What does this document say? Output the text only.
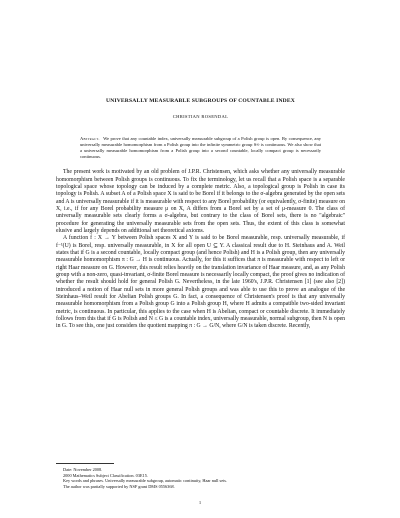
UNIVERSALLY MEASURABLE SUBGROUPS OF COUNTABLE INDEX
CHRISTIAN ROSENDAL
Abstract. We prove that any countable index, universally measurable subgroup of a Polish group is open. By consequence, any universally measurable homomorphism from a Polish group into the infinite symmetric group S∞ is continuous. We also show that a universally measurable homomorphism from a Polish group into a second countable, locally compact group is necessarily continuous.

The present work is motivated by an old problem of J.P.R. Christensen, which asks whether any universally measurable homomorphism between Polish groups is continuous. To fix the terminology, let us recall that a Polish space is a separable topological space whose topology can be induced by a complete metric. Also, a topological group is Polish in case its topology is Polish. A subset A of a Polish space X is said to be Borel if it belongs to the σ-algebra generated by the open sets and A is universally measurable if it is measurable with respect to any Borel probability (or equivalently, σ-finite) measure on X, i.e., if for any Borel probability measure μ on X, A differs from a Borel set by a set of μ-measure 0. The class of universally measurable sets clearly forms a σ-algebra, but contrary to the class of Borel sets, there is no "algebraic" procedure for generating the universally measurable sets from the open sets. Thus, the extent of this class is somewhat elusive and largely depends on additional set theoretical axioms.

A function f : X → Y between Polish spaces X and Y is said to be Borel measurable, resp. universally measurable, if f⁻¹(U) is Borel, resp. universally measurable, in X for all open U ⊆ Y. A classical result due to H. Steinhaus and A. Weil states that if G is a second countable, locally compact group (and hence Polish) and H is a Polish group, then any universally measurable homomorphism π : G → H is continuous. Actually, for this it suffices that π is measurable with respect to left or right Haar measure on G. However, this result relies heavily on the translation invariance of Haar measure, and, as any Polish group with a non-zero, quasi-invariant, σ-finite Borel measure is necessarily locally compact, the proof gives no indication of whether the result should hold for general Polish G. Nevertheless, in the late 1960's, J.P.R. Christensen [1] (see also [2]) introduced a notion of Haar null sets in more general Polish groups and was able to use this to prove an analogue of the Steinhaus–Weil result for Abelian Polish groups G. In fact, a consequence of Christensen's proof is that any universally measurable homomorphism from a Polish group G into a Polish group H, where H admits a compatible two-sided invariant metric, is continuous. In particular, this applies to the case when H is Abelian, compact or countable discrete. It immediately follows from this that if G is Polish and N ≤ G is a countable index, universally measurable, normal subgroup, then N is open in G. To see this, one just considers the quotient mapping π : G → G/N, where G/N is taken discrete. Recently,

Date: November 2008.
2000 Mathematics Subject Classification. 03E15.
Key words and phrases. Universally measurable subgroup, automatic continuity, Haar null sets.
The author was partially supported by NSF grant DMS 0556368.
1
